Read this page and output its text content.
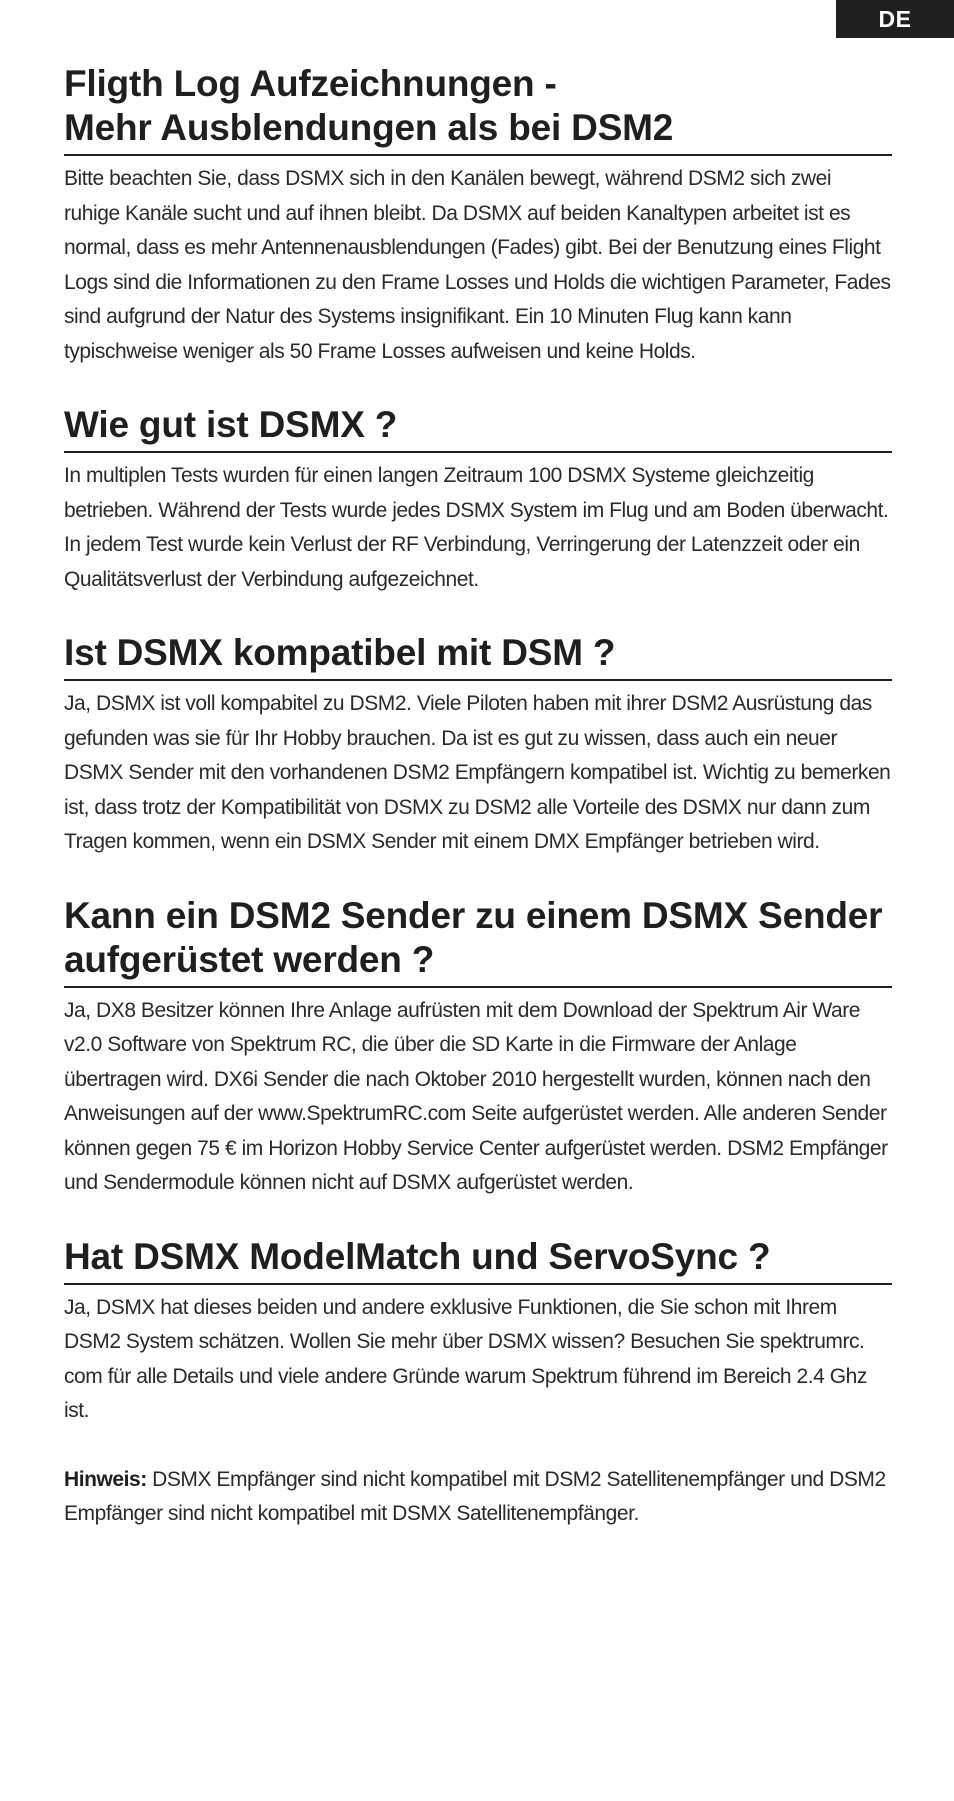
DE
Fligth Log Aufzeichnungen -
Mehr Ausblendungen als bei DSM2

Bitte beachten Sie, dass DSMX sich in den Kanälen bewegt, während DSM2 sich zwei ruhige Kanäle sucht und auf ihnen bleibt. Da DSMX auf beiden Kanaltypen arbeitet ist es normal, dass es mehr Antennenausblendungen (Fades) gibt. Bei der Benutzung eines Flight Logs sind die Informationen zu den Frame Losses und Holds die wichtigen Parameter, Fades sind aufgrund der Natur des Systems insignifikant. Ein 10 Minuten Flug kann kann typischweise weniger als 50 Frame Losses aufweisen und keine Holds.

Wie gut ist DSMX ?

In multiplen Tests wurden für einen langen Zeitraum 100 DSMX Systeme gleichzeitig betrieben. Während der Tests wurde jedes DSMX System im Flug und am Boden überwacht. In jedem Test wurde kein Verlust der RF Verbindung, Verringerung der Latenzzeit oder ein Qualitätsverlust der Verbindung aufgezeichnet.

Ist DSMX kompatibel mit DSM ?

Ja, DSMX ist voll kompabitel zu DSM2. Viele Piloten haben mit ihrer DSM2 Ausrüstung das gefunden was sie für Ihr Hobby brauchen. Da ist es gut zu wissen, dass auch ein neuer DSMX Sender mit den vorhandenen DSM2 Empfängern kompatibel ist. Wichtig zu bemerken ist, dass trotz der Kompatibilität von DSMX zu DSM2 alle Vorteile des DSMX nur dann zum Tragen kommen, wenn ein DSMX Sender mit einem DMX Empfänger betrieben wird.

Kann ein DSM2 Sender zu einem DSMX Sender
aufgerüstet werden ?

Ja, DX8 Besitzer können Ihre Anlage aufrüsten mit dem Download der Spektrum Air Ware v2.0 Software von Spektrum RC, die über die SD Karte in die Firmware der Anlage übertragen wird. DX6i Sender die nach Oktober 2010 hergestellt wurden, können nach den Anweisungen auf der www.SpektrumRC.com Seite aufgerüstet werden. Alle anderen Sender können gegen 75 € im Horizon Hobby Service Center aufgerüstet werden. DSM2 Empfänger und Sendermodule können nicht auf DSMX aufgerüstet werden.

Hat DSMX ModelMatch und ServoSync ?

Ja, DSMX hat dieses beiden und andere exklusive Funktionen, die Sie schon mit Ihrem DSM2 System schätzen. Wollen Sie mehr über DSMX wissen? Besuchen Sie spektrumrc. com für alle Details und viele andere Gründe warum Spektrum führend im Bereich 2.4 Ghz ist.

Hinweis: DSMX Empfänger sind nicht kompatibel mit DSM2 Satellitenempfänger und DSM2 Empfänger sind nicht kompatibel mit DSMX Satellitenempfänger.
